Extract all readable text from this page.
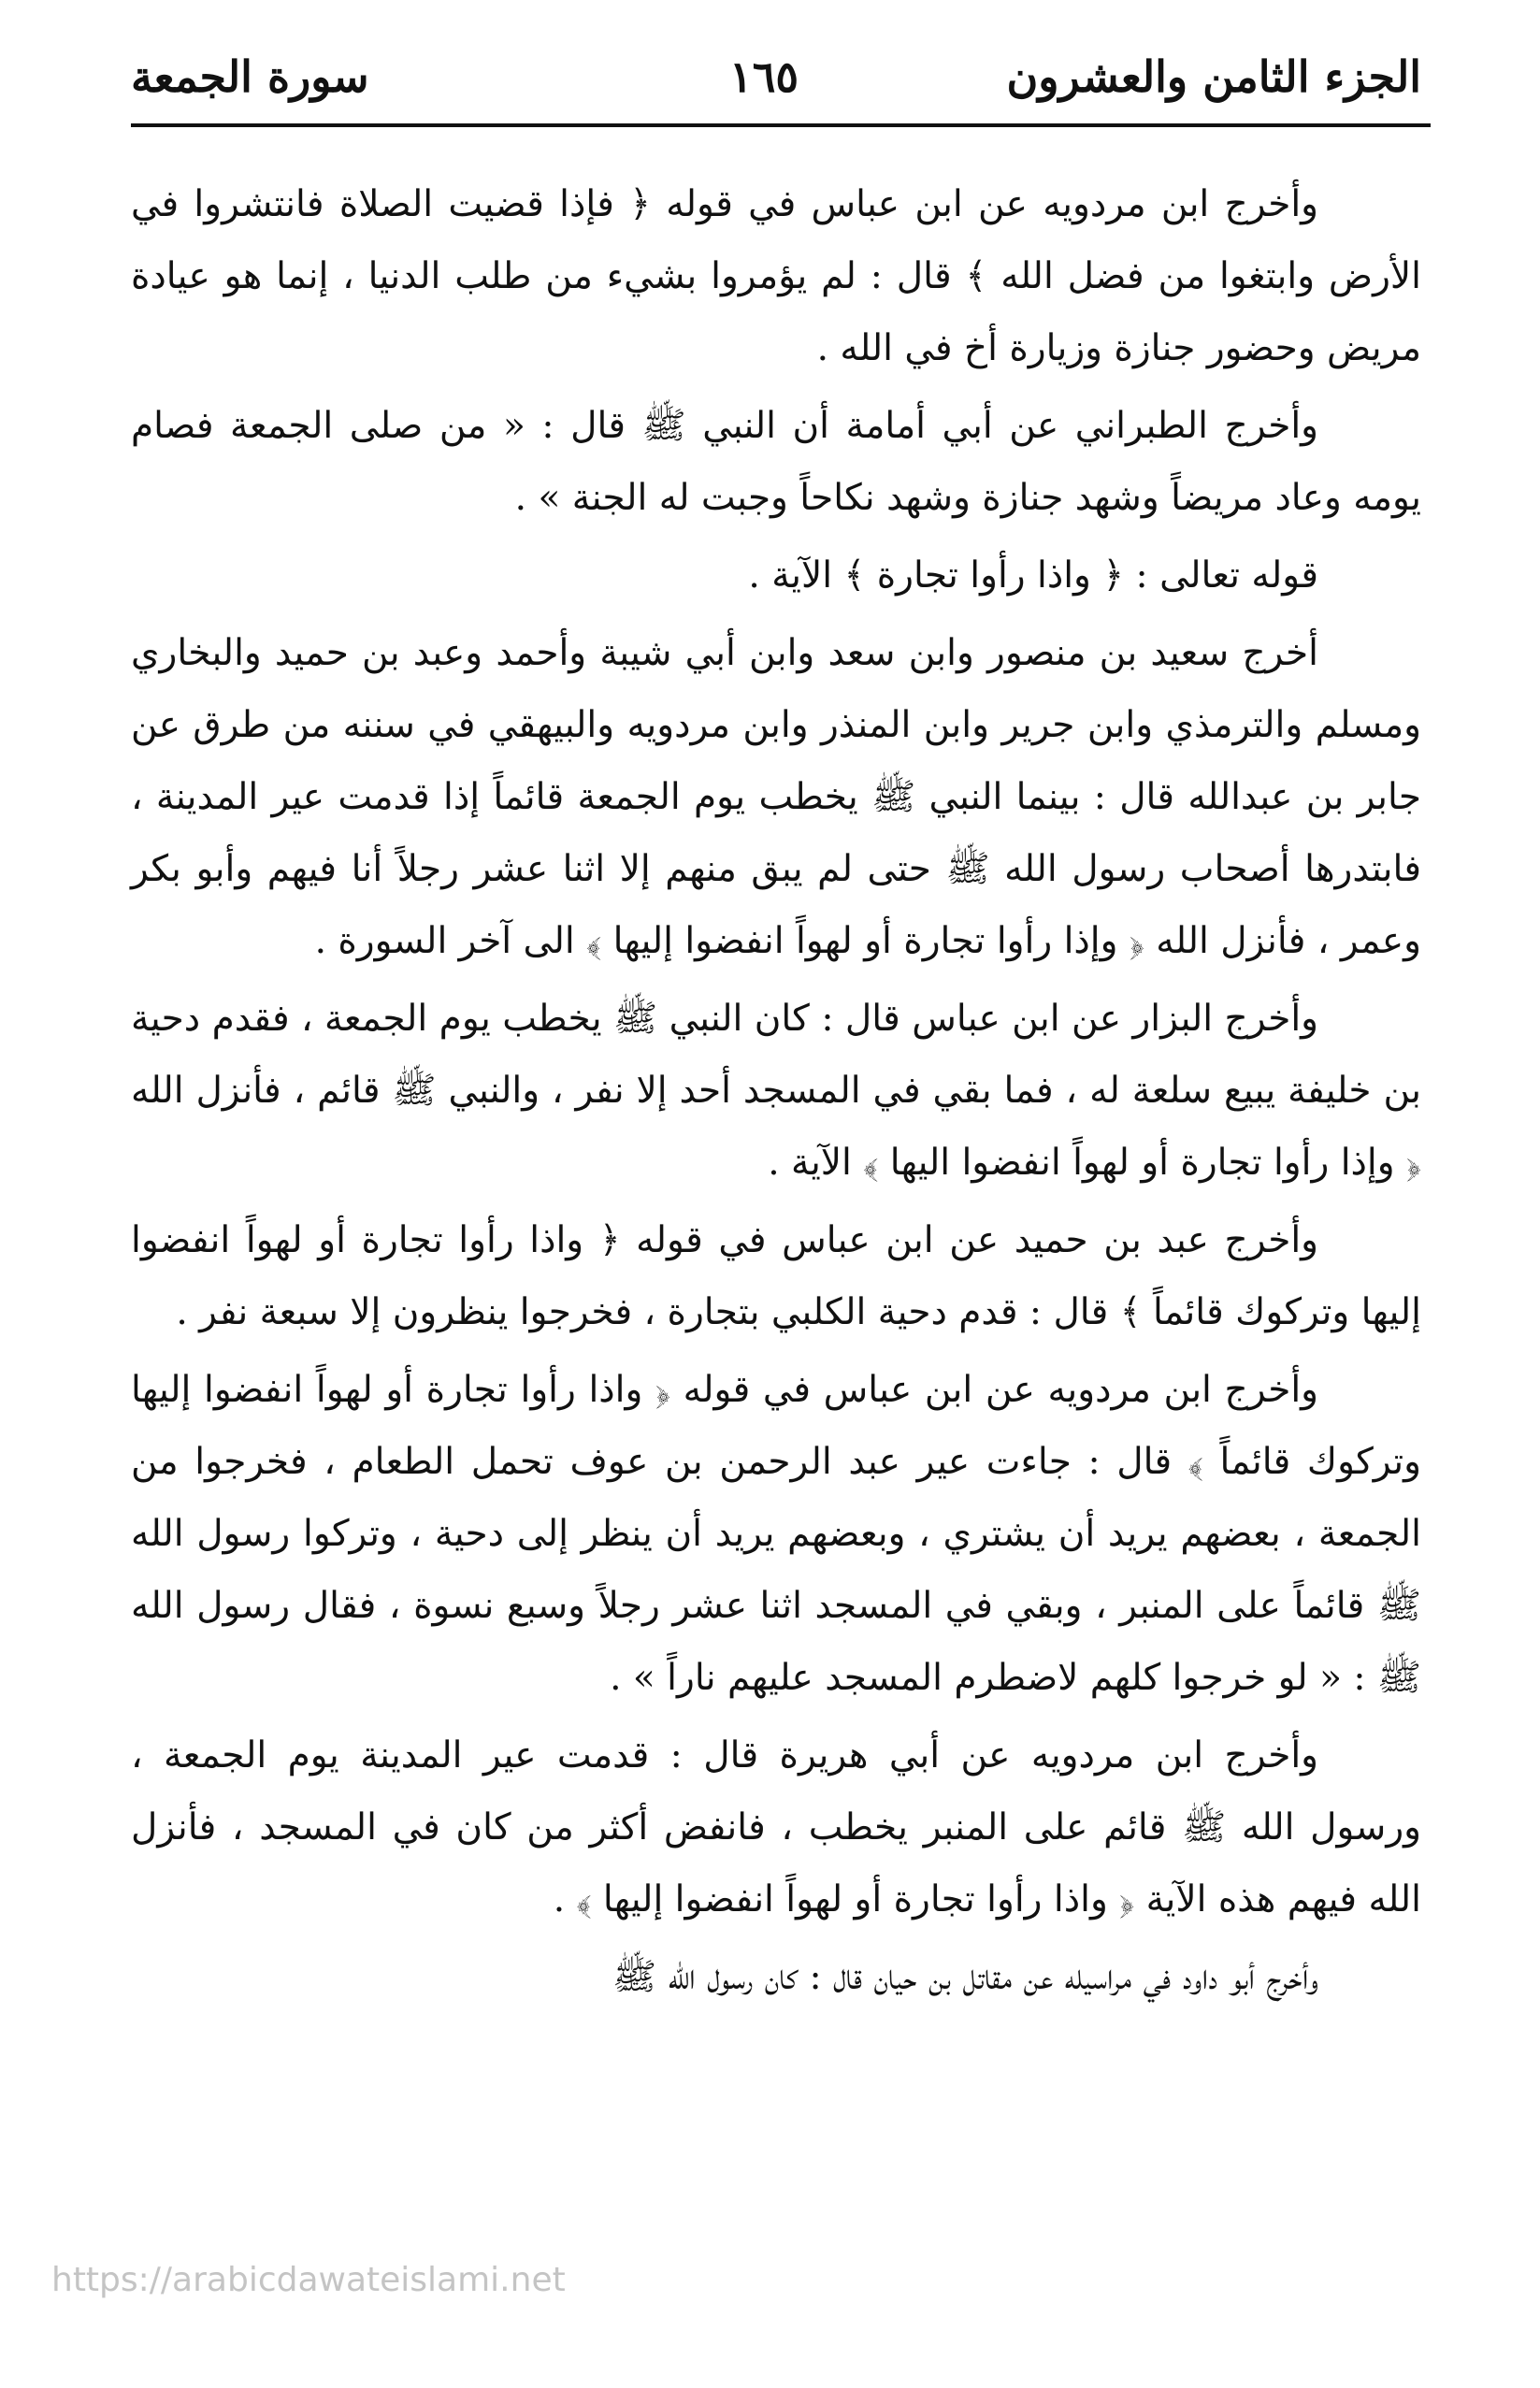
سورة الجمعة	١٦٥	الجزء الثامن والعشرون

وأخرج ابن مردويه عن ابن عباس في قوله ﴿ فإذا قضيت الصلاة فانتشروا في الأرض وابتغوا من فضل الله ﴾ قال : لم يؤمروا بشيء من طلب الدنيا ، إنما هو عيادة مريض وحضور جنازة وزيارة أخ في الله .

وأخرج الطبراني عن أبي أمامة أن النبي ﷺ قال : « من صلى الجمعة فصام يومه وعاد مريضاً وشهد جنازة وشهد نكاحاً وجبت له الجنة » .

قوله تعالى : ﴿ واذا رأوا تجارة ﴾ الآية .

أخرج سعيد بن منصور وابن سعد وابن أبي شيبة وأحمد وعبد بن حميد والبخاري ومسلم والترمذي وابن جرير وابن المنذر وابن مردويه والبيهقي في سننه من طرق عن جابر بن عبدالله قال : بينما النبي ﷺ يخطب يوم الجمعة قائماً إذا قدمت عير المدينة ، فابتدرها أصحاب رسول الله ﷺ حتى لم يبق منهم إلا اثنا عشر رجلاً أنا فيهم وأبو بكر وعمر ، فأنزل الله ﴿ وإذا رأوا تجارة أو لهواً انفضوا إليها ﴾ الى آخر السورة .

وأخرج البزار عن ابن عباس قال : كان النبي ﷺ يخطب يوم الجمعة ، فقدم دحية بن خليفة يبيع سلعة له ، فما بقي في المسجد أحد إلا نفر ، والنبي ﷺ قائم ، فأنزل الله ﴿ وإذا رأوا تجارة أو لهواً انفضوا اليها ﴾ الآية .

وأخرج عبد بن حميد عن ابن عباس في قوله ﴿ واذا رأوا تجارة أو لهواً انفضوا إليها وتركوك قائماً ﴾ قال : قدم دحية الكلبي بتجارة ، فخرجوا ينظرون إلا سبعة نفر .

وأخرج ابن مردويه عن ابن عباس في قوله ﴿ واذا رأوا تجارة أو لهواً انفضوا إليها وتركوك قائماً ﴾ قال : جاءت عير عبد الرحمن بن عوف تحمل الطعام ، فخرجوا من الجمعة ، بعضهم يريد أن يشتري ، وبعضهم يريد أن ينظر إلى دحية ، وتركوا رسول الله ﷺ قائماً على المنبر ، وبقي في المسجد اثنا عشر رجلاً وسبع نسوة ، فقال رسول الله ﷺ : « لو خرجوا كلهم لاضطرم المسجد عليهم ناراً » .

وأخرج ابن مردويه عن أبي هريرة قال : قدمت عير المدينة يوم الجمعة ، ورسول الله ﷺ قائم على المنبر يخطب ، فانفض أكثر من كان في المسجد ، فأنزل الله فيهم هذه الآية ﴿ واذا رأوا تجارة أو لهواً انفضوا إليها ﴾ .

وأخرج أبو داود في مراسيله عن مقاتل بن حيان قال : كان رسول الله ﷺ

https://arabicdawateislami.net
